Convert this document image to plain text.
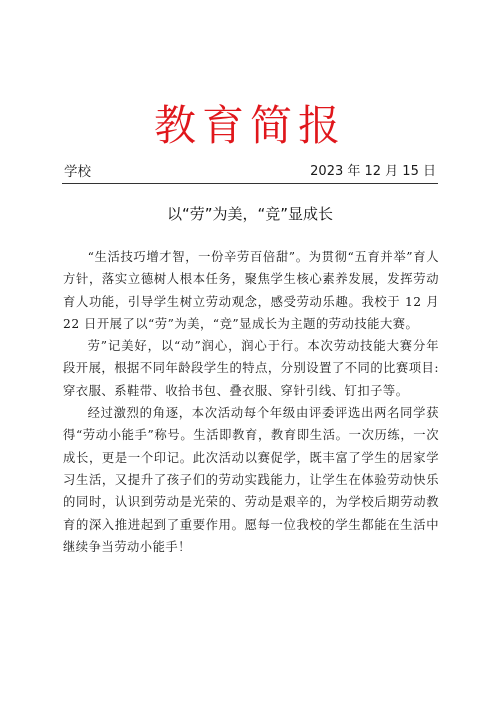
教育简报
学校	2023 年 12 月 15 日
以“劳”为美，“竞”显成长

“生活技巧增才智，一份辛劳百倍甜”。为贯彻“五育并举”育人方针，落实立德树人根本任务，聚焦学生核心素养发展，发挥劳动育人功能，引导学生树立劳动观念，感受劳动乐趣。我校于 12 月 22 日开展了以“劳”为美，“竞”显成长为主题的劳动技能大赛。

劳”记美好，以“动”润心，润心于行。本次劳动技能大赛分年段开展，根据不同年龄段学生的特点，分别设置了不同的比赛项目:穿衣服、系鞋带、收拾书包、叠衣服、穿针引线、钉扣子等。

经过激烈的角逐，本次活动每个年级由评委评选出两名同学获得“劳动小能手”称号。生活即教育，教育即生活。一次历练，一次成长，更是一个印记。此次活动以赛促学，既丰富了学生的居家学习生活，又提升了孩子们的劳动实践能力，让学生在体验劳动快乐的同时，认识到劳动是光荣的、劳动是艰辛的，为学校后期劳动教育的深入推进起到了重要作用。愿每一位我校的学生都能在生活中继续争当劳动小能手！
